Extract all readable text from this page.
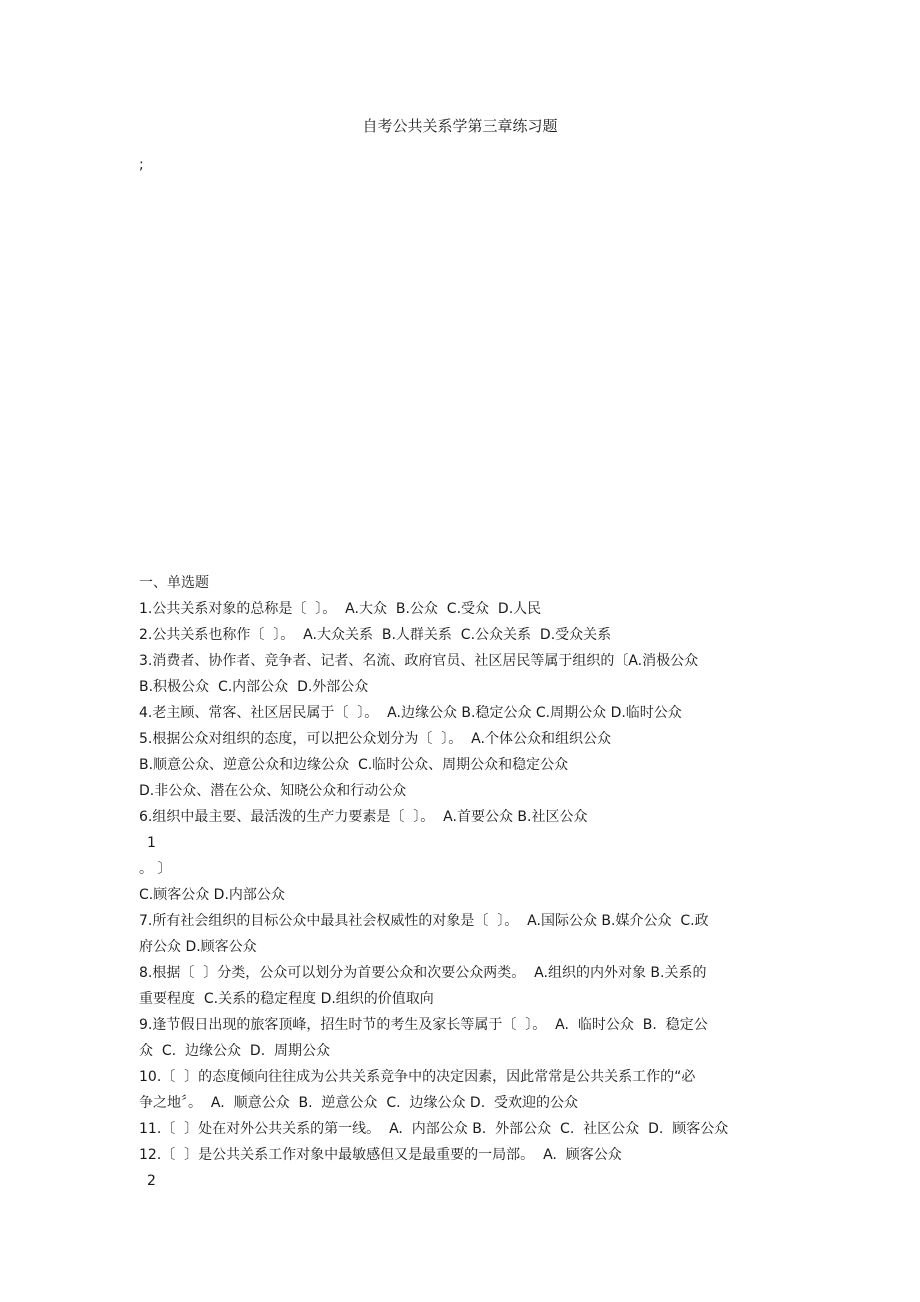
自考公共关系学第三章练习题
;
一、单选题
1.公共关系对象的总称是〔  〕。  A.大众  B.公众  C.受众  D.人民
2.公共关系也称作〔  〕。  A.大众关系  B.人群关系  C.公众关系  D.受众关系
3.消费者、协作者、竞争者、记者、名流、政府官员、社区居民等属于组织的〔A.消极公众
B.积极公众  C.内部公众  D.外部公众
4.老主顾、常客、社区居民属于〔  〕。  A.边缘公众 B.稳定公众 C.周期公众 D.临时公众
5.根据公众对组织的态度，可以把公众划分为〔  〕。  A.个体公众和组织公众
B.顺意公众、逆意公众和边缘公众  C.临时公众、周期公众和稳定公众
D.非公众、潜在公众、知晓公众和行动公众
6.组织中最主要、最活泼的生产力要素是〔  〕。  A.首要公众 B.社区公众
1
。 〕
C.顾客公众 D.内部公众
7.所有社会组织的目标公众中最具社会权威性的对象是〔  〕。  A.国际公众 B.媒介公众  C.政
府公众 D.顾客公众
8.根据〔  〕分类，公众可以划分为首要公众和次要公众两类。  A.组织的内外对象 B.关系的
重要程度  C.关系的稳定程度 D.组织的价值取向
9.逢节假日出现的旅客顶峰，招生时节的考生及家长等属于〔  〕。  A.  临时公众  B.  稳定公
众  C.  边缘公众  D.  周期公众
10.〔  〕的态度倾向往往成为公共关系竞争中的决定因素，因此常常是公共关系工作的“必
争之地〞。  A.  顺意公众  B.  逆意公众  C.  边缘公众 D.  受欢迎的公众
11.〔  〕处在对外公共关系的第一线。  A.  内部公众 B.  外部公众  C.  社区公众  D.  顾客公众
12.〔  〕是公共关系工作对象中最敏感但又是最重要的一局部。  A.  顾客公众
2
